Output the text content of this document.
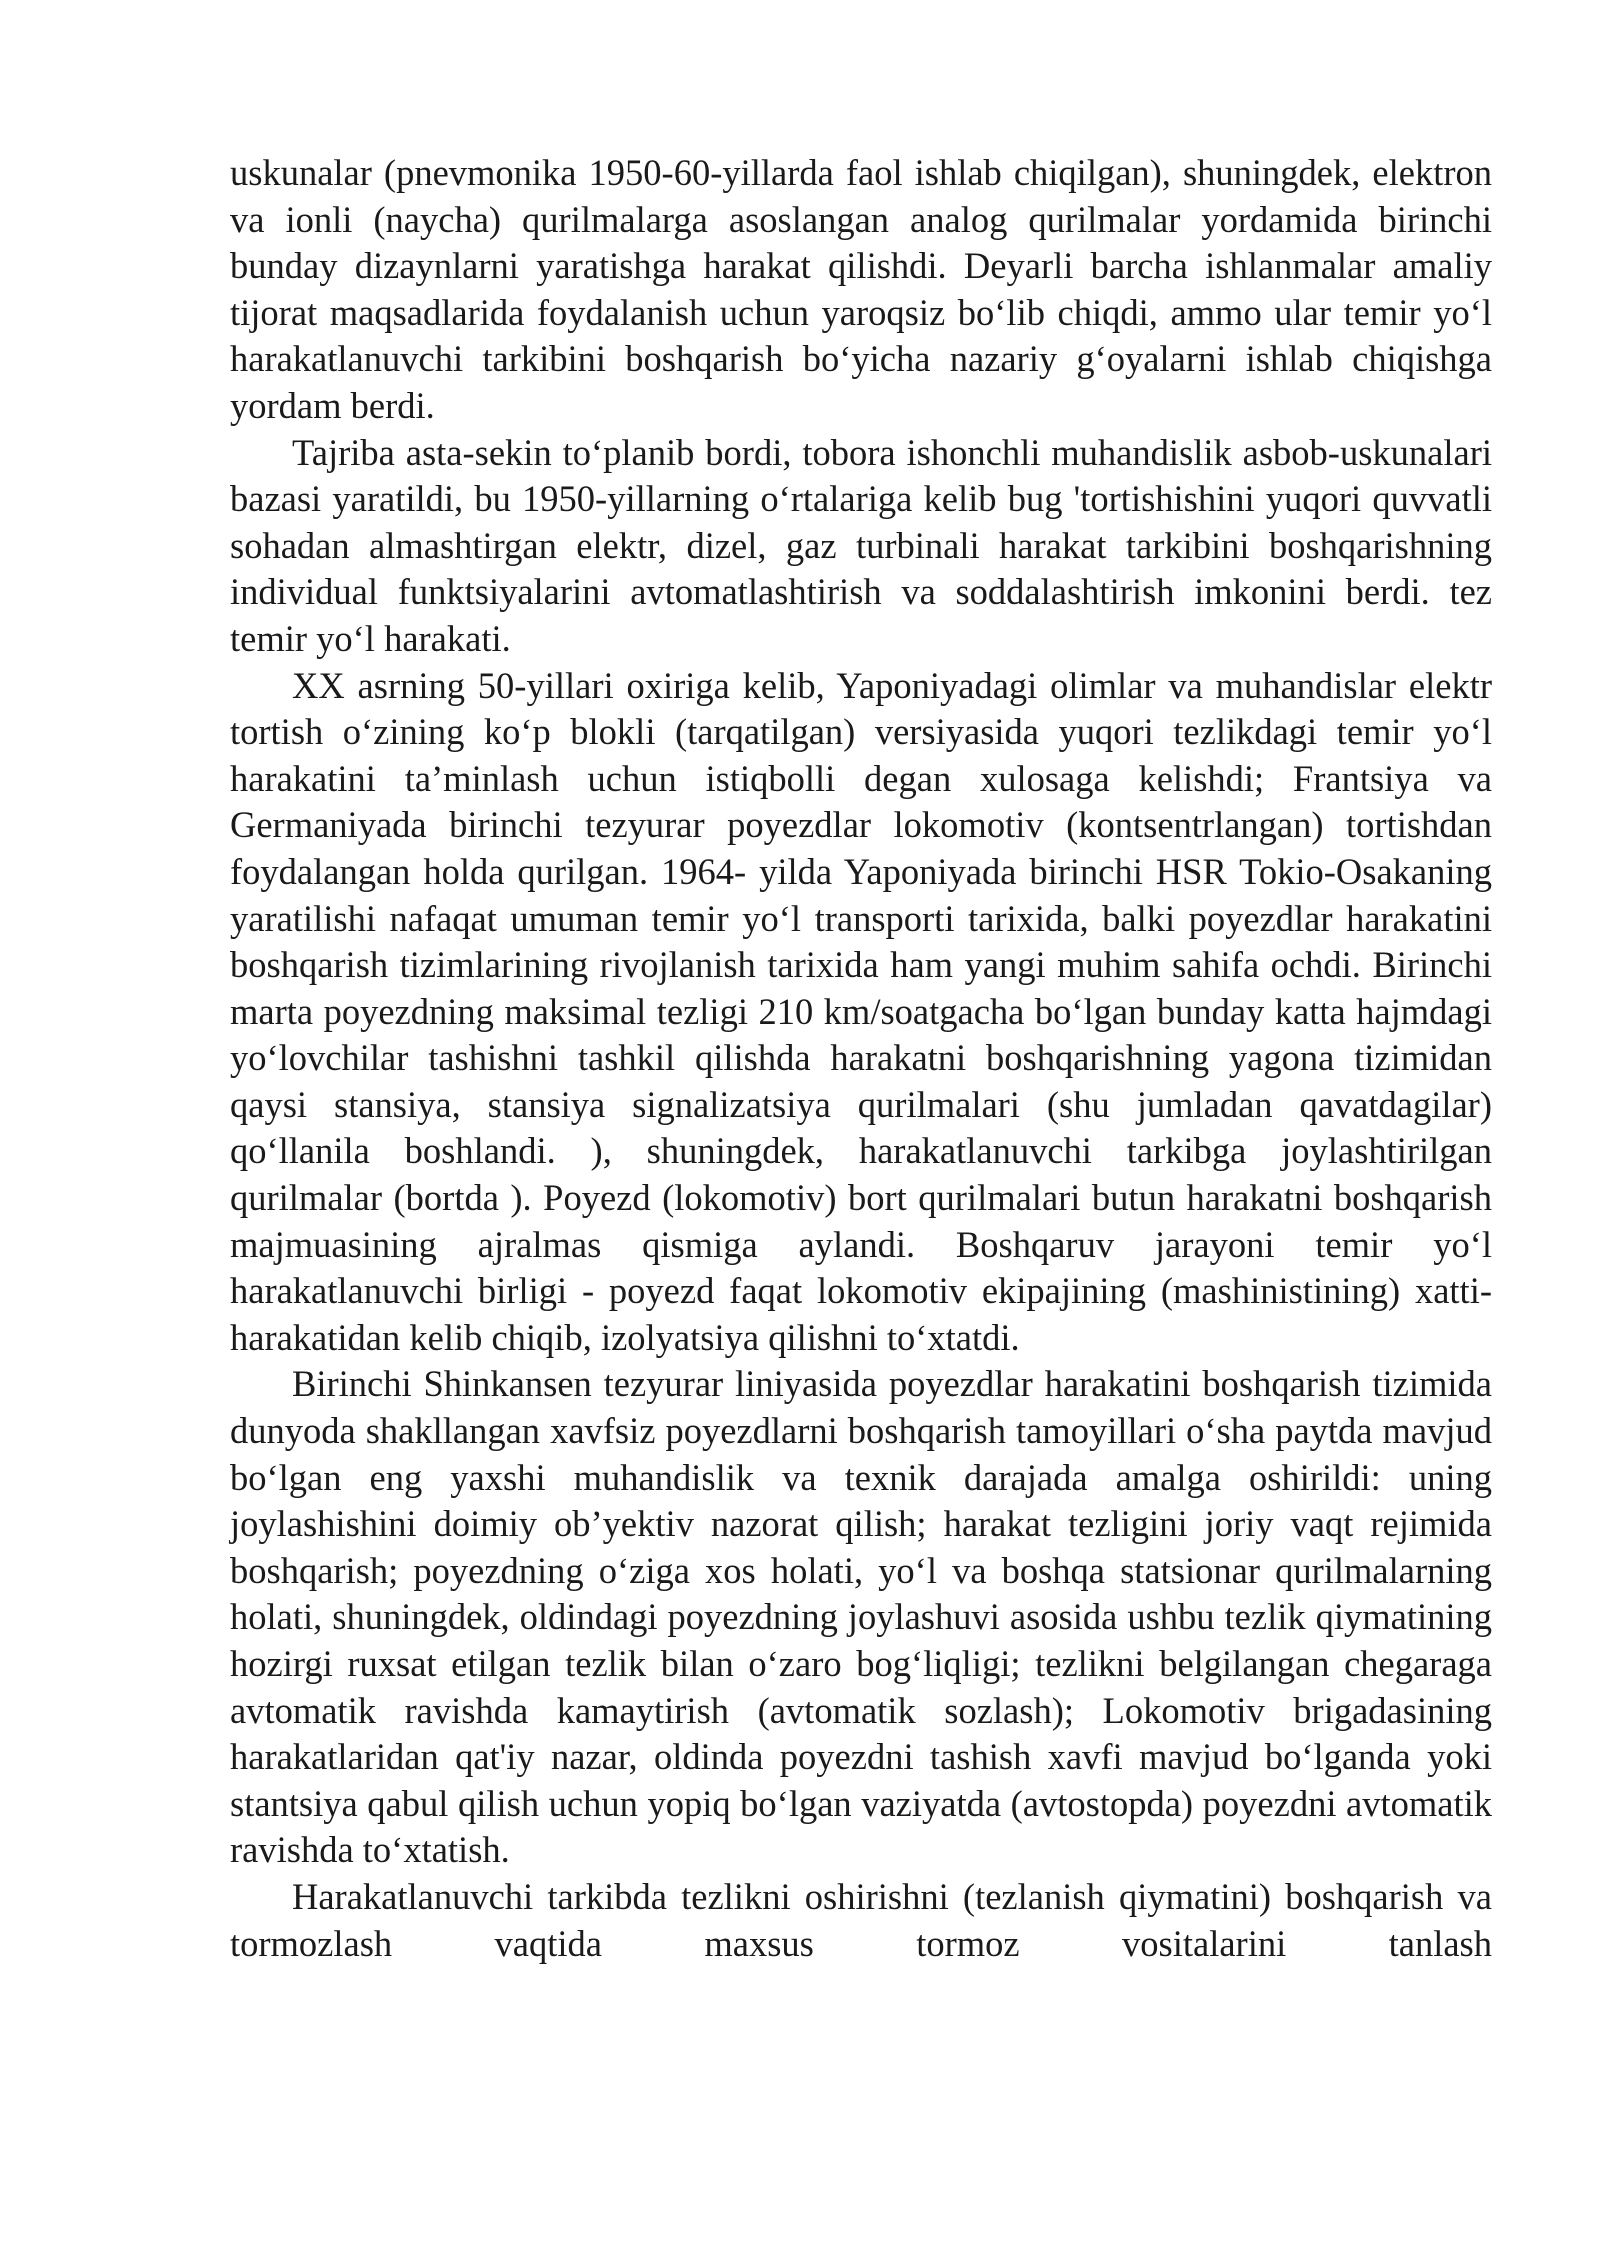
uskunalar (pnevmonika 1950-60-yillarda faol ishlab chiqilgan), shuningdek, elektron va ionli (naycha) qurilmalarga asoslangan analog qurilmalar yordamida birinchi bunday dizaynlarni yaratishga harakat qilishdi. Deyarli barcha ishlanmalar amaliy tijorat maqsadlarida foydalanish uchun yaroqsiz boʻlib chiqdi, ammo ular temir yoʻl harakatlanuvchi tarkibini boshqarish boʻyicha nazariy gʻoyalarni ishlab chiqishga yordam berdi.

Tajriba asta-sekin toʻplanib bordi, tobora ishonchli muhandislik asbob-uskunalari bazasi yaratildi, bu 1950-yillarning oʻrtalariga kelib bug 'tortishishini yuqori quvvatli sohadan almashtirgan elektr, dizel, gaz turbinali harakat tarkibini boshqarishning individual funktsiyalarini avtomatlashtirish va soddalashtirish imkonini berdi. tez temir yoʻl harakati.

XX asrning 50-yillari oxiriga kelib, Yaponiyadagi olimlar va muhandislar elektr tortish oʻzining koʻp blokli (tarqatilgan) versiyasida yuqori tezlikdagi temir yoʻl harakatini taʼminlash uchun istiqbolli degan xulosaga kelishdi; Frantsiya va Germaniyada birinchi tezyurar poyezdlar lokomotiv (kontsentrlangan) tortishdan foydalangan holda qurilgan. 1964- yilda Yaponiyada birinchi HSR Tokio-Osakaning yaratilishi nafaqat umuman temir yoʻl transporti tarixida, balki poyezdlar harakatini boshqarish tizimlarining rivojlanish tarixida ham yangi muhim sahifa ochdi. Birinchi marta poyezdning maksimal tezligi 210 km/soatgacha boʻlgan bunday katta hajmdagi yoʻlovchilar tashishni tashkil qilishda harakatni boshqarishning yagona tizimidan qaysi stansiya, stansiya signalizatsiya qurilmalari (shu jumladan qavatdagilar) qoʻllanila boshlandi. ), shuningdek, harakatlanuvchi tarkibga joylashtirilgan qurilmalar (bortda ). Poyezd (lokomotiv) bort qurilmalari butun harakatni boshqarish majmuasining ajralmas qismiga aylandi. Boshqaruv jarayoni temir yoʻl harakatlanuvchi birligi - poyezd faqat lokomotiv ekipajining (mashinistining) xatti-harakatidan kelib chiqib, izolyatsiya qilishni toʻxtatdi.

Birinchi Shinkansen tezyurar liniyasida poyezdlar harakatini boshqarish tizimida dunyoda shakllangan xavfsiz poyezdlarni boshqarish tamoyillari oʻsha paytda mavjud boʻlgan eng yaxshi muhandislik va texnik darajada amalga oshirildi: uning joylashishini doimiy obʼyektiv nazorat qilish; harakat tezligini joriy vaqt rejimida boshqarish; poyezdning oʻziga xos holati, yoʻl va boshqa statsionar qurilmalarning holati, shuningdek, oldindagi poyezdning joylashuvi asosida ushbu tezlik qiymatining hozirgi ruxsat etilgan tezlik bilan oʻzaro bogʻliqligi; tezlikni belgilangan chegaraga avtomatik ravishda kamaytirish (avtomatik sozlash); Lokomotiv brigadasining harakatlaridan qat'iy nazar, oldinda poyezdni tashish xavfi mavjud boʻlganda yoki stantsiya qabul qilish uchun yopiq boʻlgan vaziyatda (avtostopda) poyezdni avtomatik ravishda toʻxtatish.

Harakatlanuvchi tarkibda tezlikni oshirishni (tezlanish qiymatini) boshqarish va tormozlash vaqtida maxsus tormoz vositalarini tanlash
